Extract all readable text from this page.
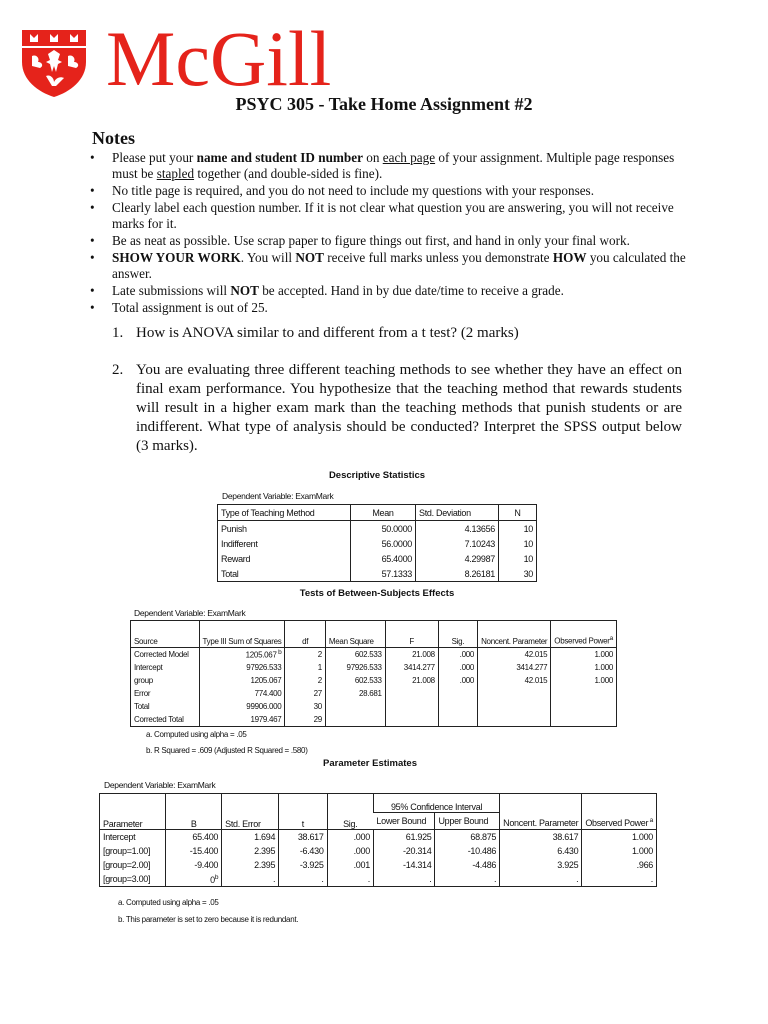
McGill
PSYC 305 - Take Home Assignment #2
Notes
• Please put your name and student ID number on each page of your assignment. Multiple page responses must be stapled together (and double-sided is fine).
• No title page is required, and you do not need to include my questions with your responses.
• Clearly label each question number. If it is not clear what question you are answering, you will not receive marks for it.
• Be as neat as possible. Use scrap paper to figure things out first, and hand in only your final work.
• SHOW YOUR WORK. You will NOT receive full marks unless you demonstrate HOW you calculated the answer.
• Late submissions will NOT be accepted. Hand in by due date/time to receive a grade.
• Total assignment is out of 25.
1. How is ANOVA similar to and different from a t test? (2 marks)
2. You are evaluating three different teaching methods to see whether they have an effect on final exam performance. You hypothesize that the teaching method that rewards students will result in a higher exam mark than the teaching methods that punish students or are indifferent. What type of analysis should be conducted? Interpret the SPSS output below (3 marks).
Descriptive Statistics
Dependent Variable: ExamMark
Type of Teaching Method	Mean	Std. Deviation	N
Punish	50.0000	4.13656	10
Indifferent	56.0000	7.10243	10
Reward	65.4000	4.29987	10
Total	57.1333	8.26181	30
Tests of Between-Subjects Effects
Dependent Variable: ExamMark
Source	Type III Sum of Squares	df	Mean Square	F	Sig.	Noncent. Parameter	Observed Power$^a$
Corrected Model	1205.067 $^b$	2	602.533	21.008	.000	42.015	1.000
Intercept	97926.533	1	97926.533	3414.277	.000	3414.277	1.000
group	1205.067	2	602.533	21.008	.000	42.015	1.000
Error	774.400	27	28.681				
Total	99906.000	30					
Corrected Total	1979.467	29					
a. Computed using alpha = .05
b. R Squared = .609 (Adjusted R Squared = .580)
Parameter Estimates
Dependent Variable: ExamMark
Parameter	B	Std. Error	t	Sig.	95% Confidence Interval		Noncent. Parameter	Observed Power $^a$
					Lower Bound	Upper Bound		
Intercept	65.400	1.694	38.617	.000	61.925	68.875	38.617	1.000
[group=1.00]	-15.400	2.395	-6.430	.000	-20.314	-10.486	6.430	1.000
[group=2.00]	-9.400	2.395	-3.925	.001	-14.314	-4.486	3.925	.966
[group=3.00]	0$^b$	.	.	.	.	.	.	.
a. Computed using alpha = .05
b. This parameter is set to zero because it is redundant.
